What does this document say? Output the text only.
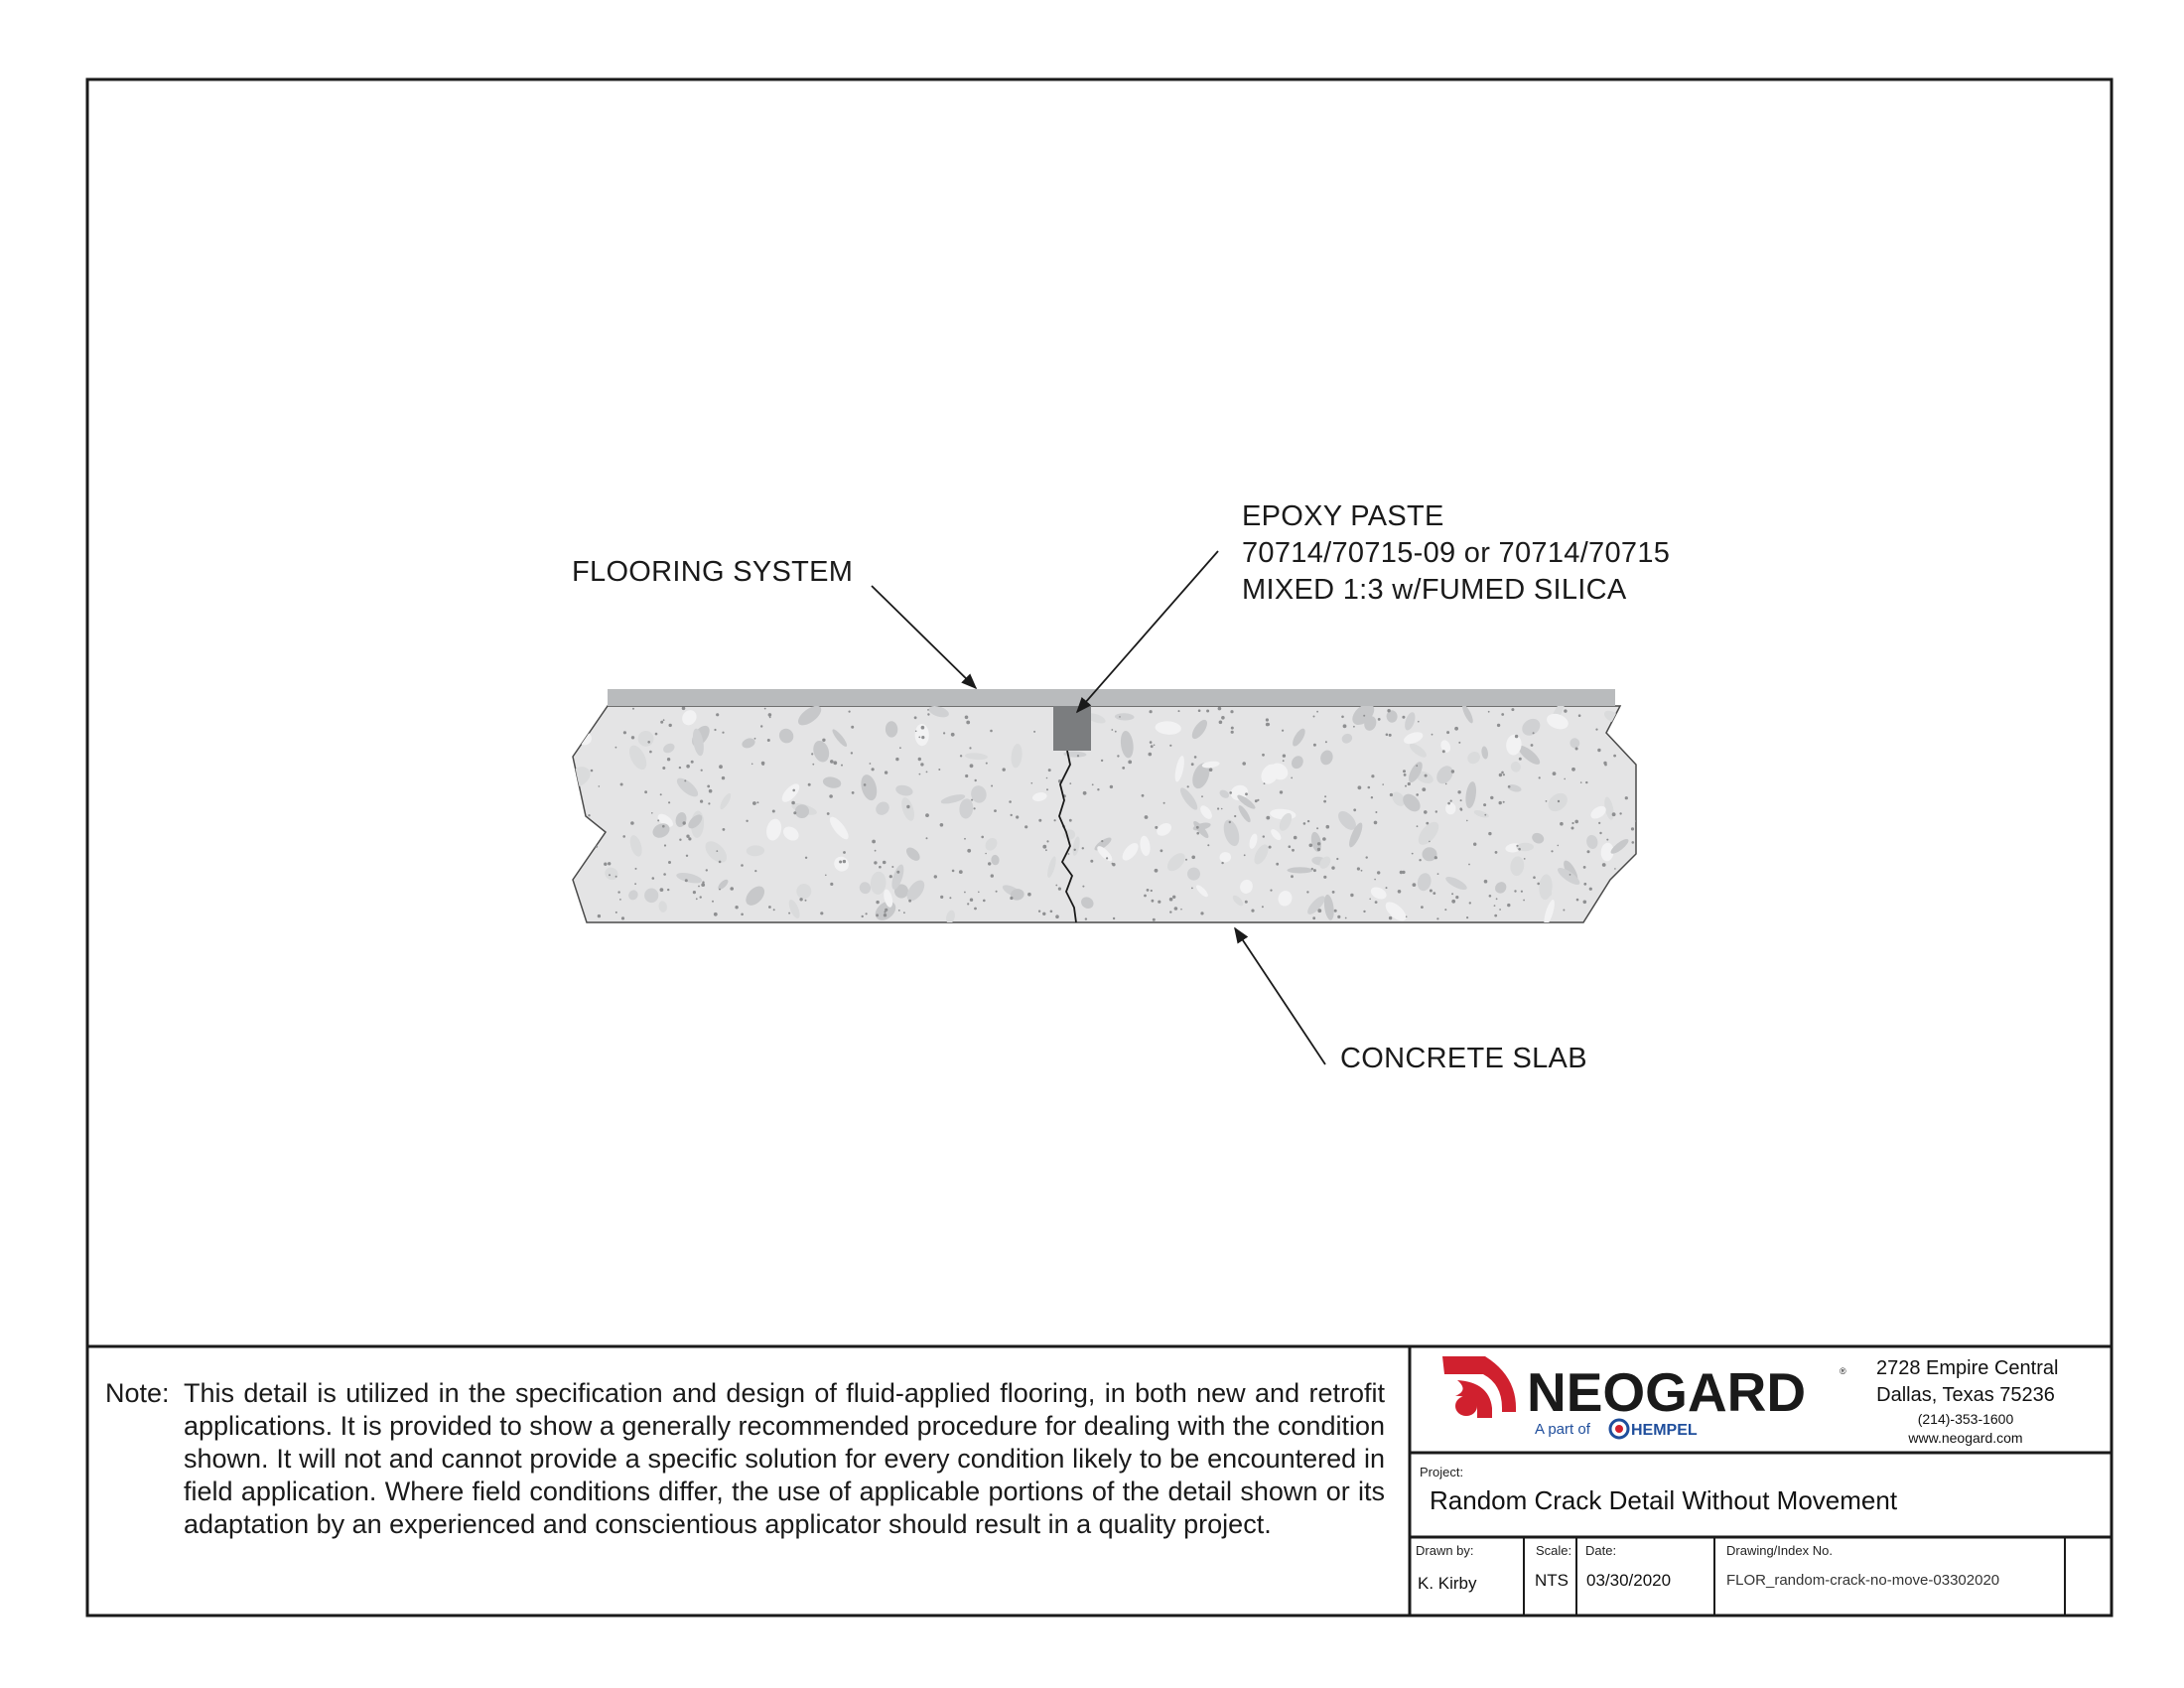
NEOGARD	®
A part of	HEMPEL
FLOORING SYSTEM
EPOXY PASTE
70714/70715-09 or 70714/70715
MIXED 1:3 w/FUMED SILICA
CONCRETE SLAB
Note: This detail is utilized in the specification and design of fluid-applied flooring, in both new and retrofit applications. It is provided to show a generally recommended procedure for dealing with the condition shown. It will not and cannot provide a specific solution for every condition likely to be encountered in field application. Where field conditions differ, the use of applicable portions of the detail shown or its adaptation by an experienced and conscientious applicator should result in a quality project.
2728 Empire Central
Dallas, Texas 75236
(214)-353-1600
www.neogard.com
Project:
Random Crack Detail Without Movement
Drawn by:
K. Kirby
Scale:
NTS
Date:
03/30/2020
Drawing/Index No.
FLOR_random-crack-no-move-03302020
